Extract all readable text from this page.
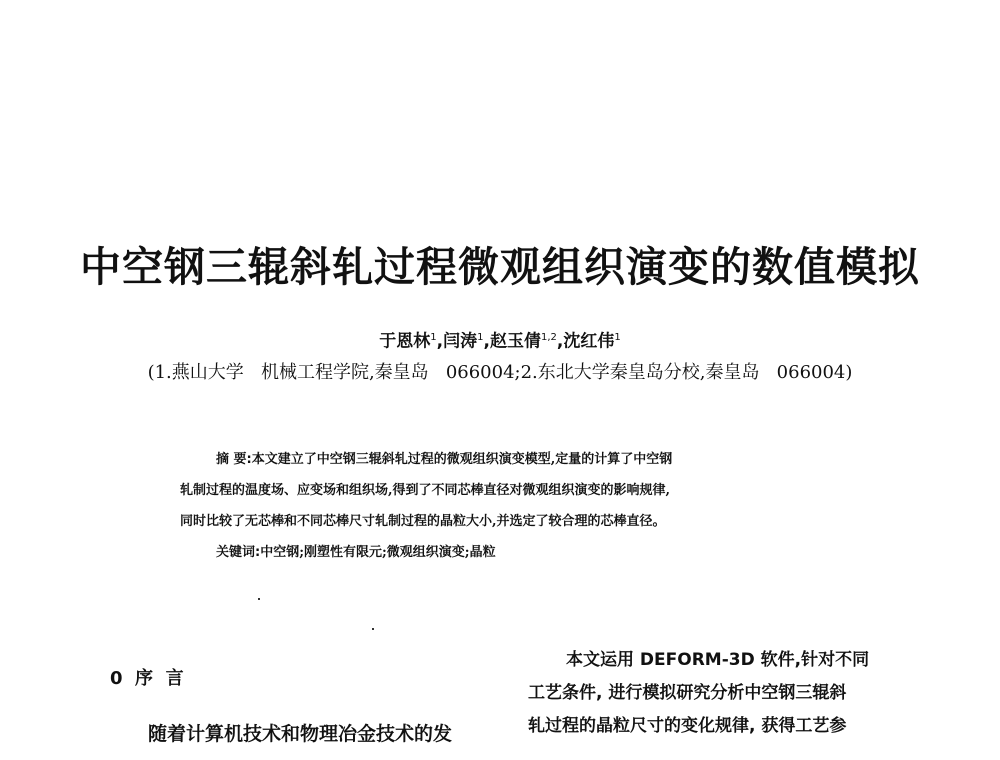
中空钢三辊斜轧过程微观组织演变的数值模拟
于恩林$^1$,闫涛$^1$,赵玉倩$^{1,2}$,沈红伟$^1$
(1.燕山大学   机械工程学院,秦皇岛   066004;2.东北大学秦皇岛分校,秦皇岛   066004)
摘 要:本文建立了中空钢三辊斜轧过程的微观组织演变模型,定量的计算了中空钢
轧制过程的温度场、应变场和组织场,得到了不同芯棒直径对微观组织演变的影响规律,
同时比较了无芯棒和不同芯棒尺寸轧制过程的晶粒大小,并选定了较合理的芯棒直径。
关键词:中空钢;刚塑性有限元;微观组织演变;晶粒
0  序  言
随着计算机技术和物理冶金技术的发
本文运用 DEFORM-3D 软件,针对不同
工艺条件, 进行模拟研究分析中空钢三辊斜
轧过程的晶粒尺寸的变化规律, 获得工艺参
